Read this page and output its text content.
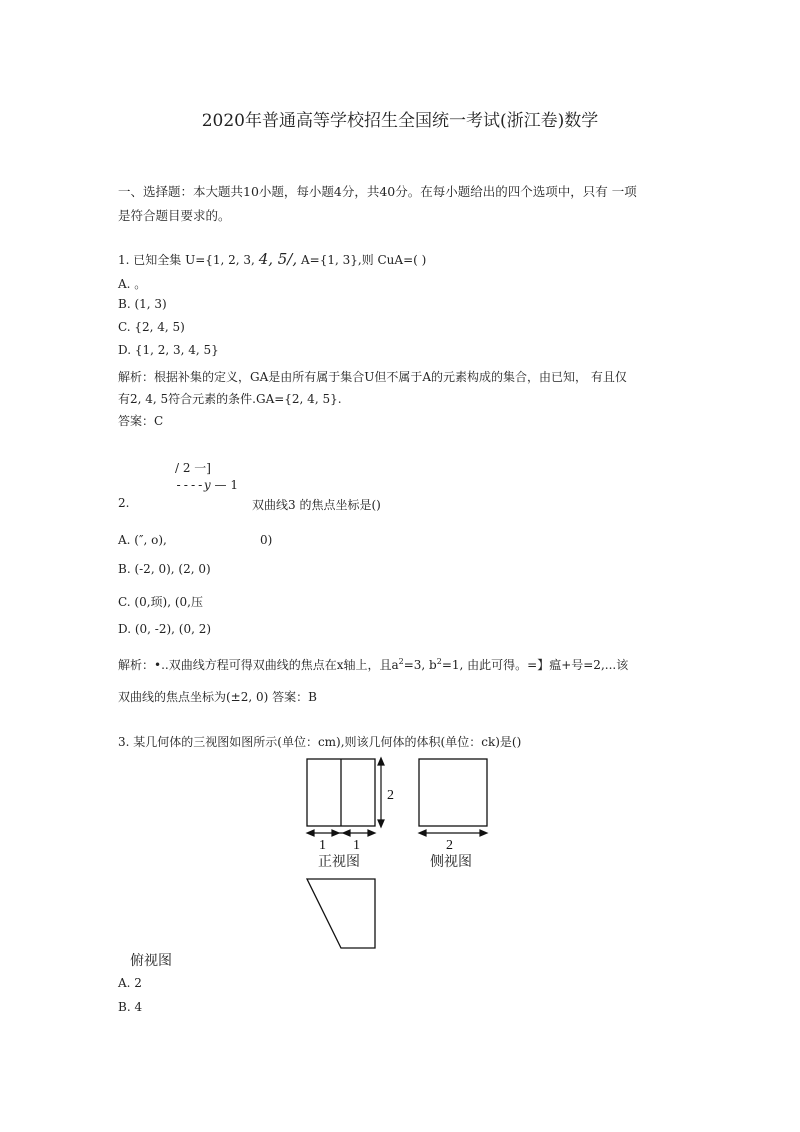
2020年普通高等学校招生全国统一考试(浙江卷)数学
一、选择题：本大题共10小题，每小题4分，共40分。在每小题给出的四个选项中，只有 一项
是符合题目要求的。
1. 已知全集 U={1, 2, 3, 4, 5/, A={1, 3},则 CuA=( )
A. 。
B. (1, 3)
C. {2, 4, 5)
D. {1, 2, 3, 4, 5}
解析：根据补集的定义，GA是由所有属于集合U但不属于A的元素构成的集合，由已知， 有且仅
有2, 4, 5符合元素的条件.GA={2, 4, 5}.
答案：C
/ 2 一]
----y — 1
2.	双曲线3 的焦点坐标是()
A. (″, o),	0)
B. (-2, 0), (2, 0)
C. (0,顼), (0,压
D. (0, -2), (0, 2)
解析：•..双曲线方程可得双曲线的焦点在x轴上，且$a^2=3$, $b^2=1$, 由此可得。=】瘟+号=2,...该
双曲线的焦点坐标为(±2, 0) 答案：B
3. 某几何体的三视图如图所示(单位：cm),则该几何体的体积(单位：ck)是()
2
1 1	2
正视图	侧视图
俯视图
A. 2
B. 4
